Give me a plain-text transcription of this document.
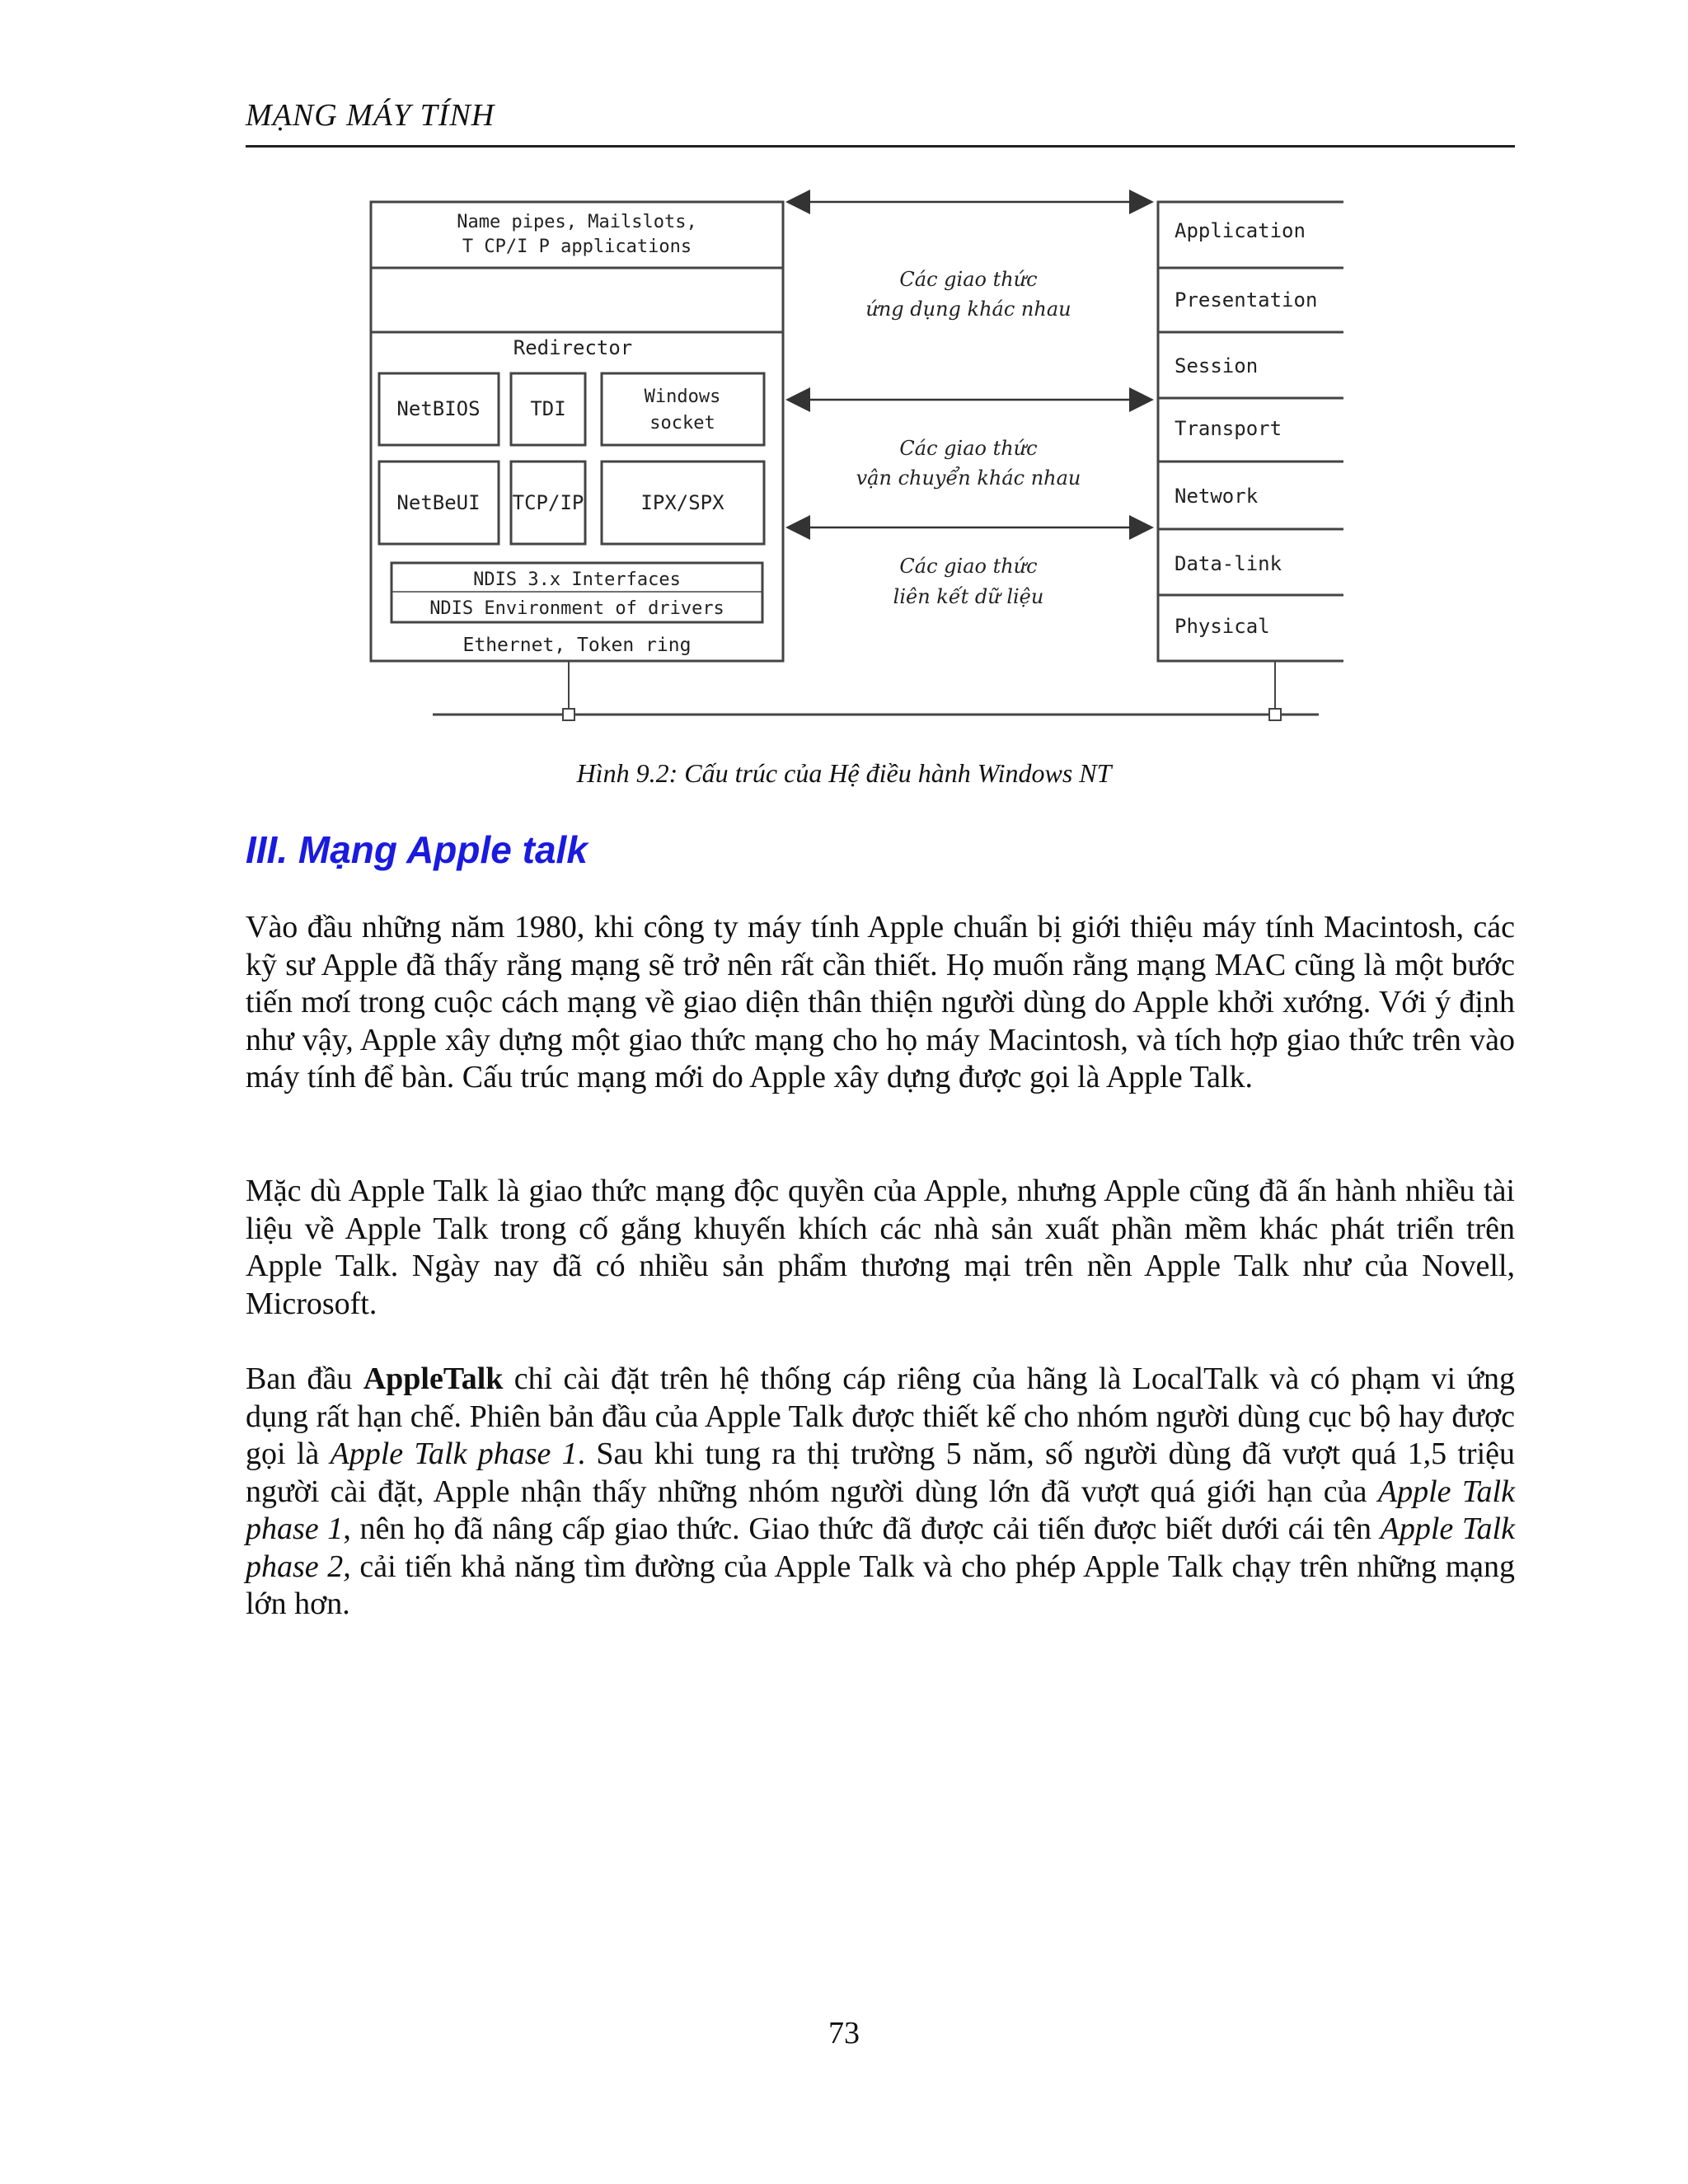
MẠNG MÁY TÍNH
Name pipes, Mailslots,
T CP/I P applications
Redirector
NetBIOS	TDI
Windows
socket
NetBeUI TCP/IP	IPX/SPX
NDIS 3.x Interfaces
NDIS Environment of drivers
Ethernet, Token ring
Các giao thức
ứng dụng khác nhau
Các giao thức
vận chuyển khác nhau
Các giao thức
liên kết dữ liệu
Application
Presentation
Session
Transport
Network
Data-link
Physical
Hình 9.2: Cấu trúc của Hệ điều hành Windows NT
III. Mạng Apple talk

Vào đầu những năm 1980, khi công ty máy tính Apple chuẩn bị giới thiệu máy tính Macintosh, các kỹ sư Apple đã thấy rằng mạng sẽ trở nên rất cần thiết. Họ muốn rằng mạng MAC cũng là một bước tiến mơí trong cuộc cách mạng về giao diện thân thiện người dùng do Apple khởi xướng. Với ý định như vậy, Apple xây dựng một giao thức mạng cho họ máy Macintosh, và tích hợp giao thức trên vào máy tính để bàn. Cấu trúc mạng mới do Apple xây dựng được gọi là Apple Talk.

Mặc dù Apple Talk là giao thức mạng độc quyền của Apple, nhưng Apple cũng đã ấn hành nhiều tài liệu về Apple Talk trong cố gắng khuyến khích các nhà sản xuất phần mềm khác phát triển trên Apple Talk. Ngày nay đã có nhiều sản phẩm thương mại trên nền Apple Talk như của Novell, Microsoft.

Ban đầu AppleTalk chỉ cài đặt trên hệ thống cáp riêng của hãng là LocalTalk và có phạm vi ứng dụng rất hạn chế. Phiên bản đầu của Apple Talk được thiết kế cho nhóm người dùng cục bộ hay được gọi là Apple Talk phase 1. Sau khi tung ra thị trường 5 năm, số người dùng đã vượt quá 1,5 triệu người cài đặt, Apple nhận thấy những nhóm người dùng lớn đã vượt quá giới hạn của Apple Talk phase 1, nên họ đã nâng cấp giao thức. Giao thức đã được cải tiến được biết dưới cái tên Apple Talk phase 2, cải tiến khả năng tìm đường của Apple Talk và cho phép Apple Talk chạy trên những mạng lớn hơn.

73
